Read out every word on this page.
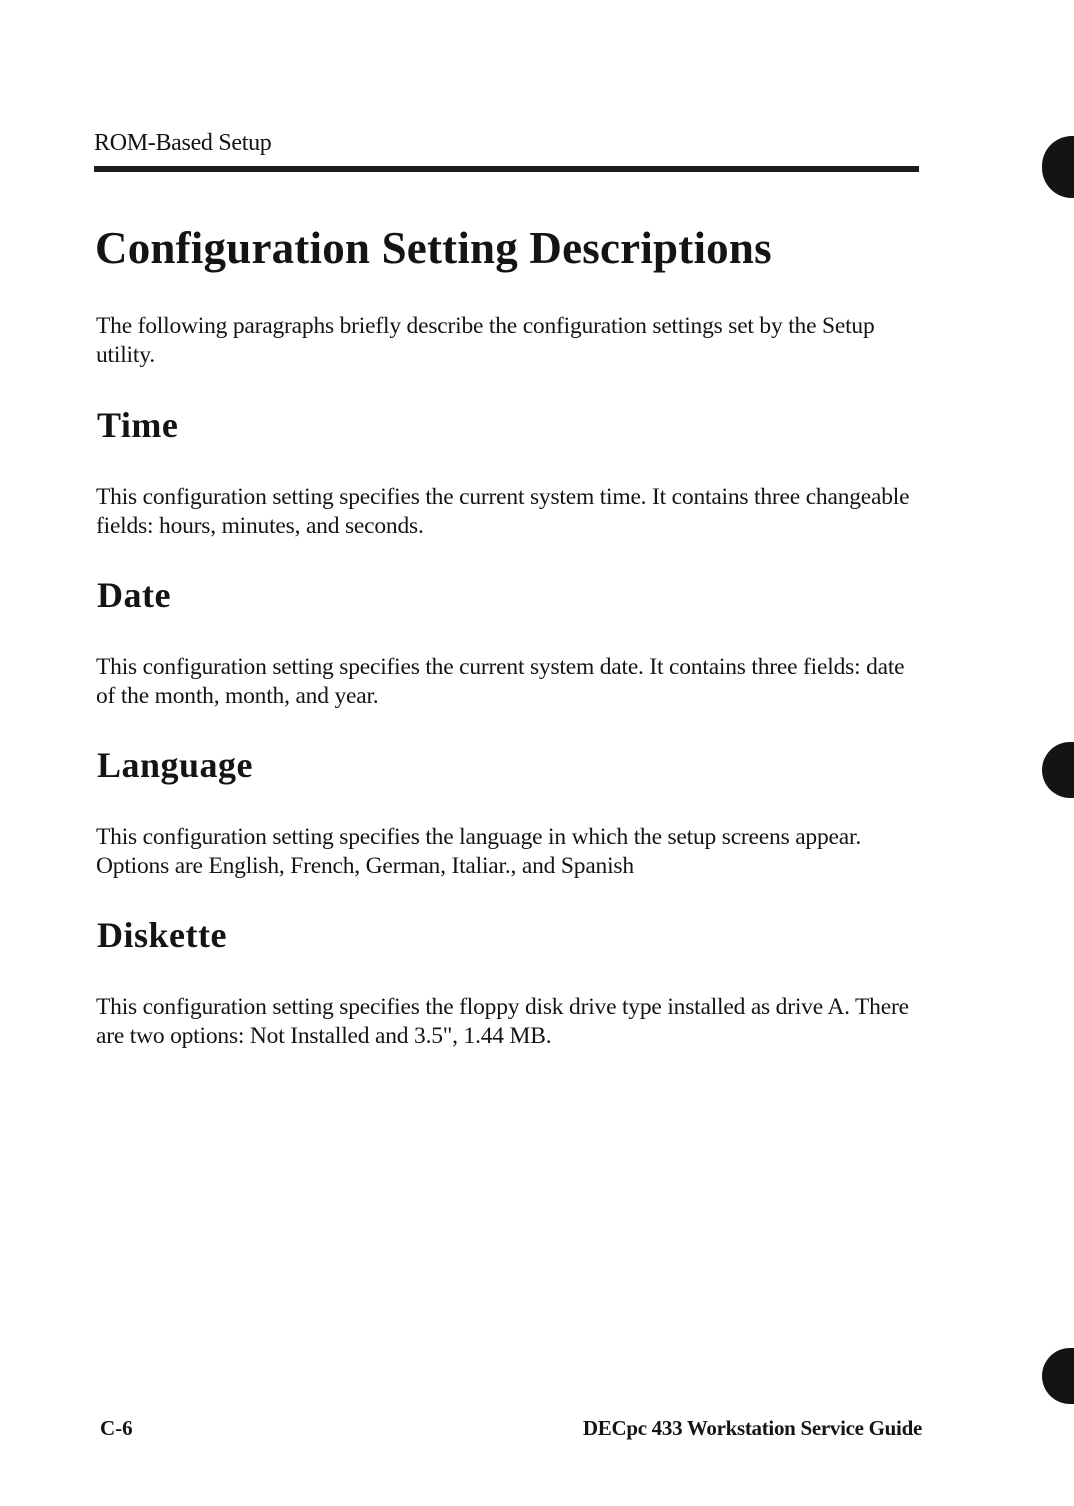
ROM-Based Setup
Configuration Setting Descriptions

The following paragraphs briefly describe the configuration settings set by the Setup utility.

Time

This configuration setting specifies the current system time. It contains three changeable fields: hours, minutes, and seconds.

Date

This configuration setting specifies the current system date. It contains three fields: date of the month, month, and year.

Language

This configuration setting specifies the language in which the setup screens appear. Options are English, French, German, Italiar., and Spanish

Diskette

This configuration setting specifies the floppy disk drive type installed as drive A. There are two options: Not Installed and 3.5", 1.44 MB.

C-6	DECpc 433 Workstation Service Guide
